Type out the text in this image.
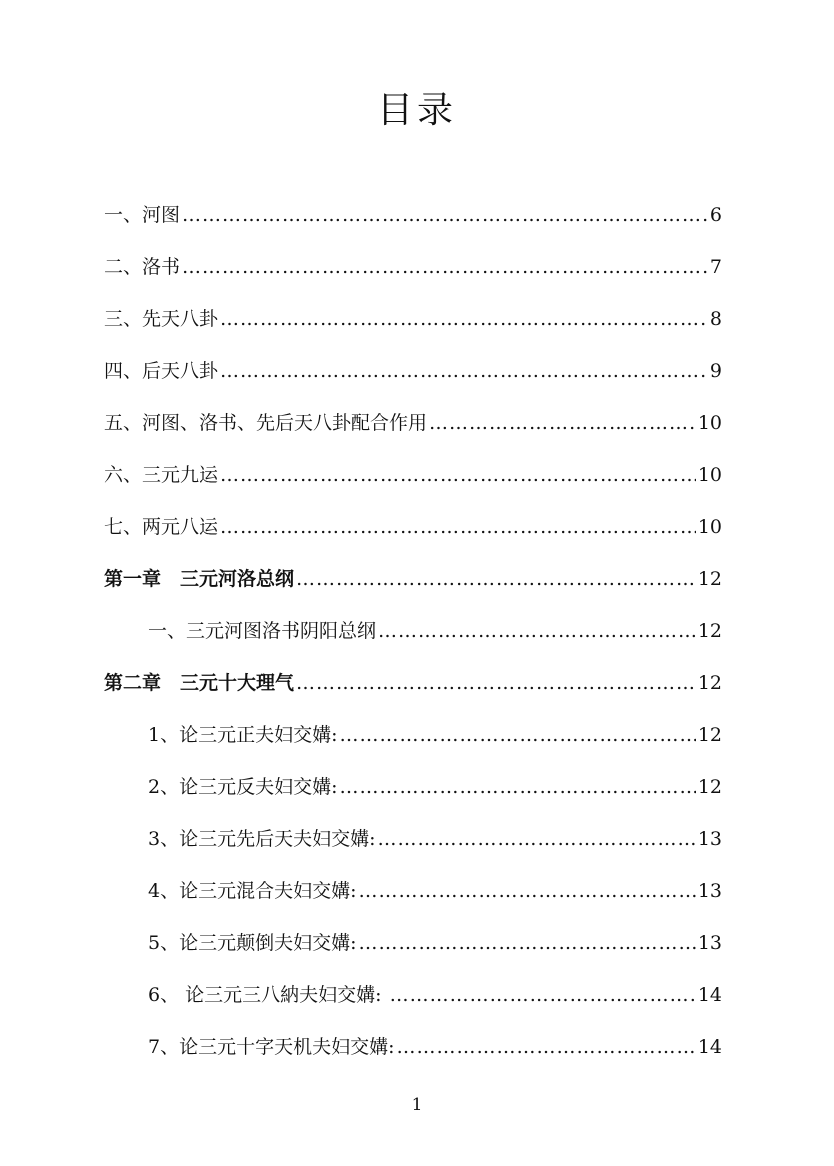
目录
一、河图 …………………………………………………………………………………………………………………………………………	6
二、洛书 …………………………………………………………………………………………………………………………………………	7
三、先天八卦 …………………………………………………………………………………………………………………………………………	8
四、后天八卦 …………………………………………………………………………………………………………………………………………	9
五、河图、洛书、先后天八卦配合作用 …………………………………………………………………………………………………………………………………………	10
六、三元九运 …………………………………………………………………………………………………………………………………………	10
七、两元八运 …………………………………………………………………………………………………………………………………………	10
第一章　三元河洛总纲 …………………………………………………………………………………………………………………………………………	12
一、三元河图洛书阴阳总纲 …………………………………………………………………………………………………………………………………………	12
第二章　三元十大理气 …………………………………………………………………………………………………………………………………………	12
1、论三元正夫妇交媾: …………………………………………………………………………………………………………………………………………	12
2、论三元反夫妇交媾: …………………………………………………………………………………………………………………………………………	12
3、论三元先后天夫妇交媾: …………………………………………………………………………………………………………………………………………	13
4、论三元混合夫妇交媾: …………………………………………………………………………………………………………………………………………	13
5、论三元颠倒夫妇交媾: …………………………………………………………………………………………………………………………………………	13
6、 论三元三八納夫妇交媾: …………………………………………………………………………………………………………………………………………	14
7、论三元十字天机夫妇交媾: …………………………………………………………………………………………………………………………………………	14
1
